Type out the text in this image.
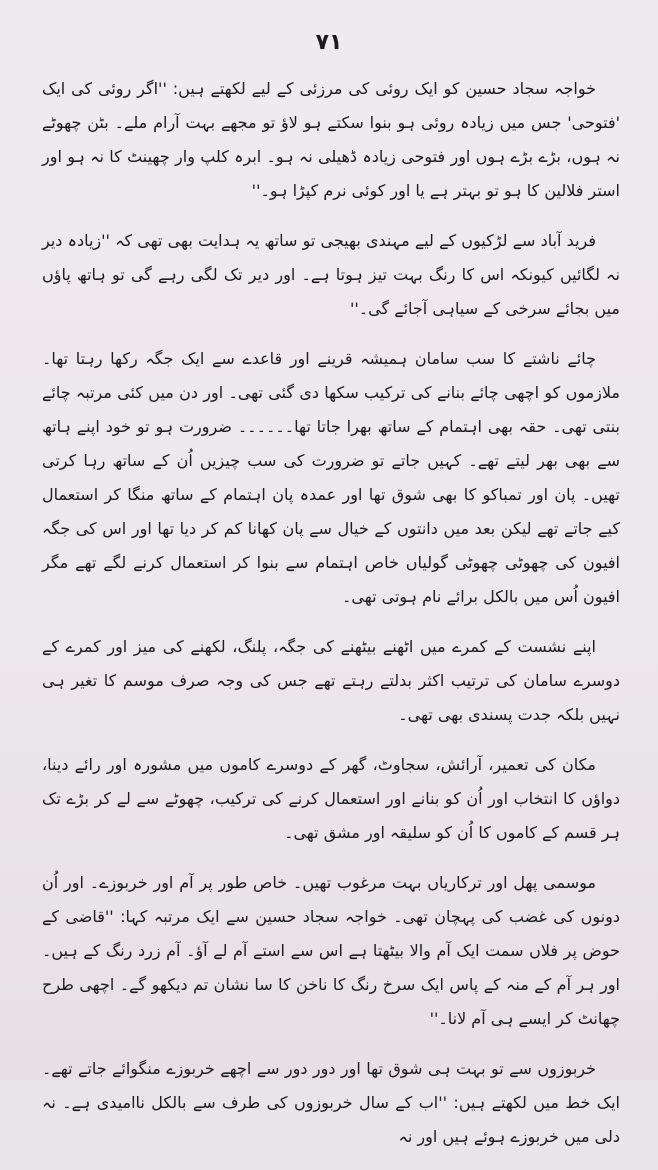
۷۱

خواجہ سجاد حسین کو ایک روئی کی مرزئی کے لیے لکھتے ہیں: ''اگر روئی کی ایک 'فتوحی' جس میں زیادہ روئی ہو بنوا سکتے ہو لاؤ تو مجھے بہت آرام ملے۔ بٹن چھوٹے نہ ہوں، بڑے بڑے ہوں اور فتوحی زیادہ ڈھیلی نہ ہو۔ ابرہ کلپ وار چھینٹ کا نہ ہو اور استر فلالین کا ہو تو بہتر ہے یا اور کوئی نرم کپڑا ہو۔''

فرید آباد سے لڑکیوں کے لیے مہندی بھیجی تو ساتھ یہ ہدایت بھی تھی کہ ''زیادہ دیر نہ لگائیں کیونکہ اس کا رنگ بہت تیز ہوتا ہے۔ اور دیر تک لگی رہے گی تو ہاتھ پاؤں میں بجائے سرخی کے سیاہی آجائے گی۔''

چائے ناشتے کا سب سامان ہمیشہ قرینے اور قاعدے سے ایک جگہ رکھا رہتا تھا۔ ملازموں کو اچھی چائے بنانے کی ترکیب سکھا دی گئی تھی۔ اور دن میں کئی مرتبہ چائے بنتی تھی۔ حقہ بھی اہتمام کے ساتھ بھرا جاتا تھا۔۔۔۔۔۔ ضرورت ہو تو خود اپنے ہاتھ سے بھی بھر لیتے تھے۔ کہیں جاتے تو ضرورت کی سب چیزیں اُن کے ساتھ رہا کرتی تھیں۔ پان اور تمباکو کا بھی شوق تھا اور عمدہ پان اہتمام کے ساتھ منگا کر استعمال کیے جاتے تھے لیکن بعد میں دانتوں کے خیال سے پان کھانا کم کر دیا تھا اور اس کی جگہ افیون کی چھوٹی چھوٹی گولیاں خاص اہتمام سے بنوا کر استعمال کرنے لگے تھے مگر افیون اُس میں بالکل برائے نام ہوتی تھی۔

اپنے نشست کے کمرے میں اٹھنے بیٹھنے کی جگہ، پلنگ، لکھنے کی میز اور کمرے کے دوسرے سامان کی ترتیب اکثر بدلتے رہتے تھے جس کی وجہ صرف موسم کا تغیر ہی نہیں بلکہ جدت پسندی بھی تھی۔

مکان کی تعمیر، آرائش، سجاوٹ، گھر کے دوسرے کاموں میں مشورہ اور رائے دینا، دواؤں کا انتخاب اور اُن کو بنانے اور استعمال کرنے کی ترکیب، چھوٹے سے لے کر بڑے تک ہر قسم کے کاموں کا اُن کو سلیقہ اور مشق تھی۔

موسمی پھل اور ترکاریاں بہت مرغوب تھیں۔ خاص طور پر آم اور خربوزے۔ اور اُن دونوں کی غضب کی پہچان تھی۔ خواجہ سجاد حسین سے ایک مرتبہ کہا: ''قاضی کے حوض پر فلاں سمت ایک آم والا بیٹھتا ہے اس سے استے آم لے آؤ۔ آم زرد رنگ کے ہیں۔ اور ہر آم کے منہ کے پاس ایک سرخ رنگ کا ناخن کا سا نشان تم دیکھو گے۔ اچھی طرح چھانٹ کر ایسے ہی آم لانا۔''

خربوزوں سے تو بہت ہی شوق تھا اور دور دور سے اچھے خربوزے منگوائے جاتے تھے۔ ایک خط میں لکھتے ہیں: ''اب کے سال خربوزوں کی طرف سے بالکل ناامیدی ہے۔ نہ دلی میں خربوزے ہوئے ہیں اور نہ
